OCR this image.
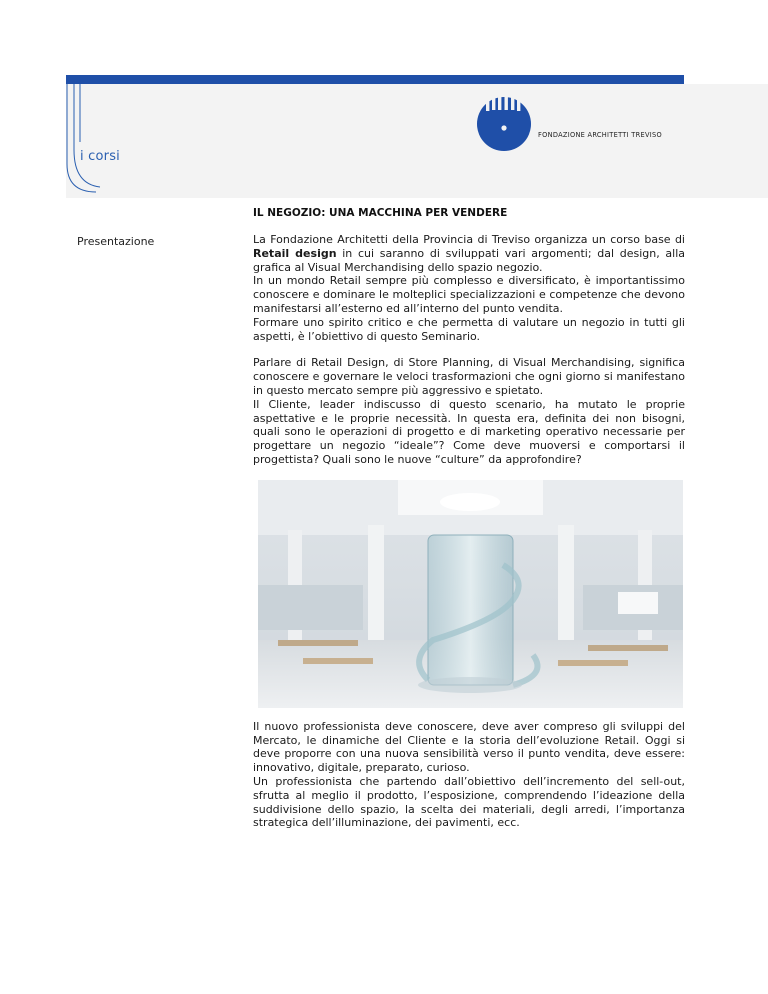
i corsi
FONDAZIONE ARCHITETTI TREVISO
IL NEGOZIO: UNA MACCHINA PER VENDERE
Presentazione	La Fondazione Architetti della Provincia di Treviso organizza un corso base di Retail design in cui saranno di sviluppati vari argomenti; dal design, alla grafica al Visual Merchandising dello spazio negozio.
In un mondo Retail sempre più complesso e diversificato, è importantissimo conoscere e dominare le molteplici specializzazioni e competenze che devono manifestarsi all’esterno ed all’interno del punto vendita.
Formare uno spirito critico e che permetta di valutare un negozio in tutti gli aspetti, è l’obiettivo di questo Seminario.

Parlare di Retail Design, di Store Planning, di Visual Merchandising, significa conoscere e governare le veloci trasformazioni che ogni giorno si manifestano in questo mercato sempre più aggressivo e spietato.
Il Cliente, leader indiscusso di questo scenario, ha mutato le proprie aspettative e le proprie necessità. In questa era, definita dei non bisogni, quali sono le operazioni di progetto e di marketing operativo necessarie per progettare un negozio “ideale”? Come deve muoversi e comportarsi il progettista? Quali sono le nuove “culture” da approfondire?

Il nuovo professionista deve conoscere, deve aver compreso gli sviluppi del Mercato, le dinamiche del Cliente e la storia dell’evoluzione Retail. Oggi si deve proporre con una nuova sensibilità verso il punto vendita, deve essere: innovativo, digitale, preparato, curioso.
Un professionista che partendo dall’obiettivo dell’incremento del sell-out, sfrutta al meglio il prodotto, l’esposizione, comprendendo l’ideazione della suddivisione dello spazio, la scelta dei materiali, degli arredi, l’importanza strategica dell’illuminazione, dei pavimenti, ecc.
